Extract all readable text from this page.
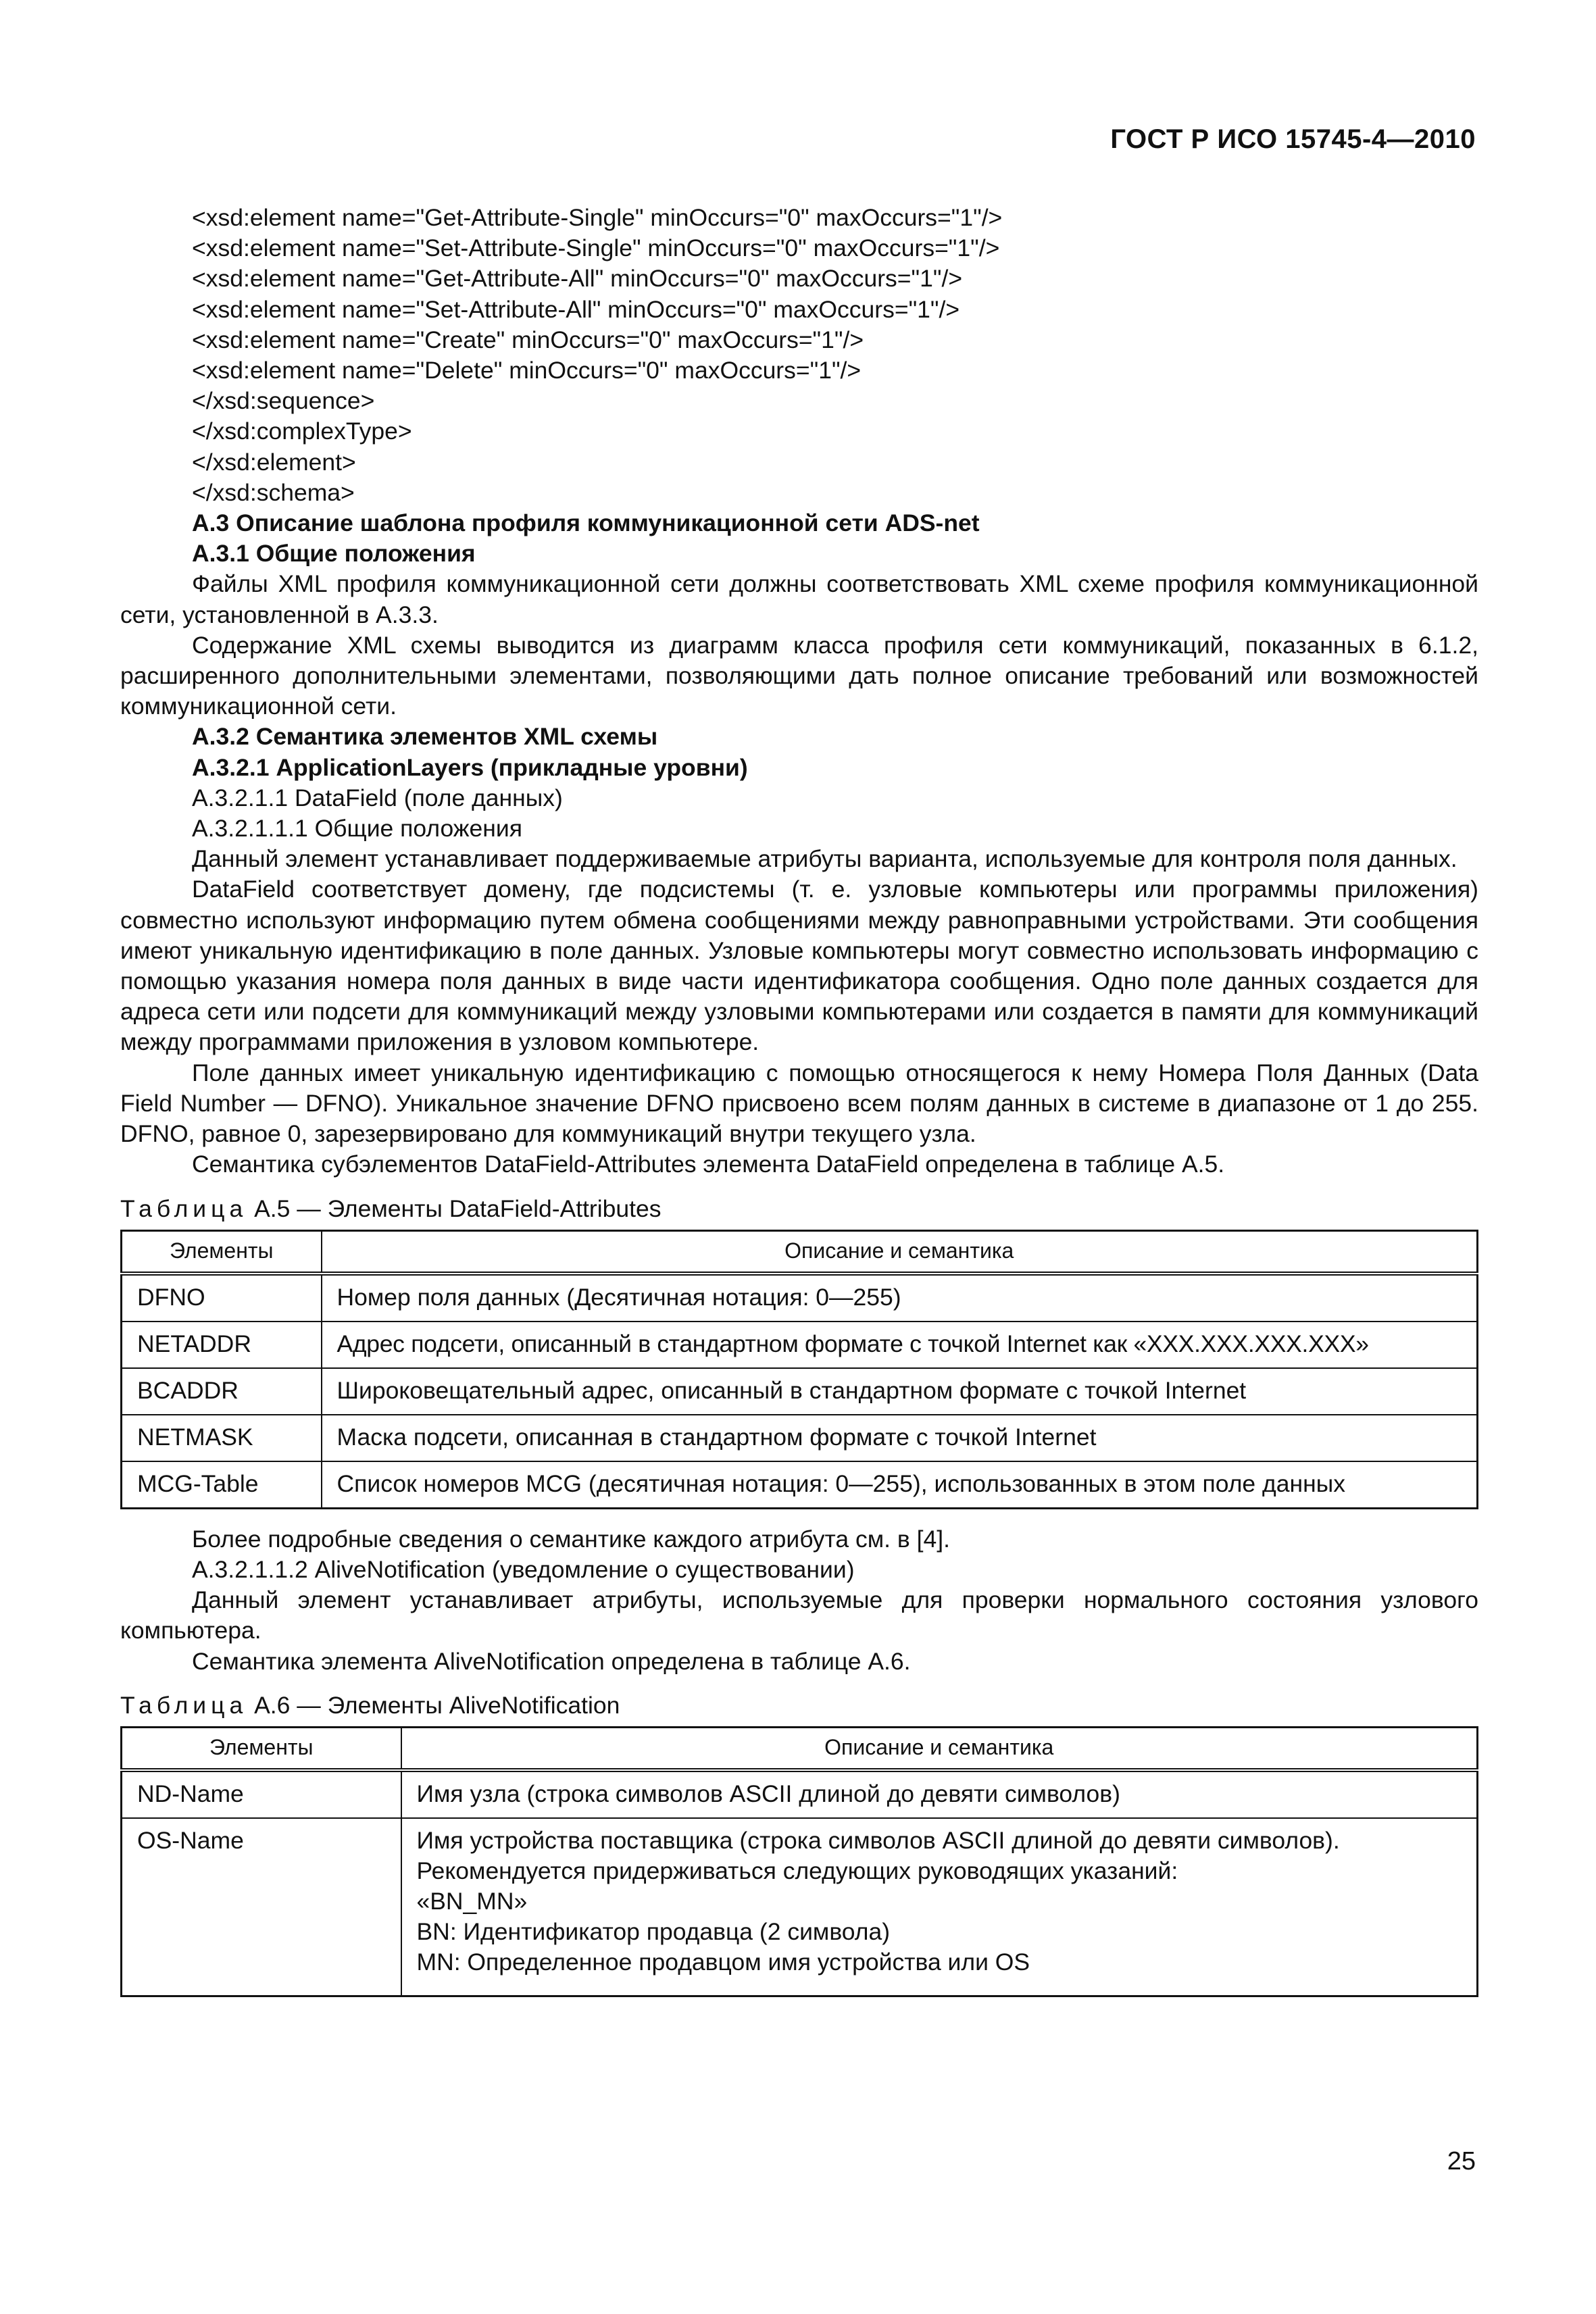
ГОСТ Р ИСО 15745-4—2010

<xsd:element name="Get-Attribute-Single" minOccurs="0" maxOccurs="1"/>

<xsd:element name="Set-Attribute-Single" minOccurs="0" maxOccurs="1"/>

<xsd:element name="Get-Attribute-All" minOccurs="0" maxOccurs="1"/>

<xsd:element name="Set-Attribute-All" minOccurs="0" maxOccurs="1"/>

<xsd:element name="Create" minOccurs="0" maxOccurs="1"/>

<xsd:element name="Delete" minOccurs="0" maxOccurs="1"/>

</xsd:sequence>

</xsd:complexType>

</xsd:element>

</xsd:schema>

А.3 Описание шаблона профиля коммуникационной сети ADS-net

А.3.1 Общие положения

Файлы XML профиля коммуникационной сети должны соответствовать XML схеме профиля коммуникационной сети, установленной в А.3.3.

Содержание XML схемы выводится из диаграмм класса профиля сети коммуникаций, показанных в 6.1.2, расширенного дополнительными элементами, позволяющими дать полное описание требований или возможностей коммуникационной сети.

А.3.2 Семантика элементов XML схемы

А.3.2.1 ApplicationLayers (прикладные уровни)

А.3.2.1.1 DataField (поле данных)

А.3.2.1.1.1 Общие положения

Данный элемент устанавливает поддерживаемые атрибуты варианта, используемые для контроля поля данных.

DataField соответствует домену, где подсистемы (т. е. узловые компьютеры или программы приложения) совместно используют информацию путем обмена сообщениями между равноправными устройствами. Эти сообщения имеют уникальную идентификацию в поле данных. Узловые компьютеры могут совместно использовать информацию с помощью указания номера поля данных в виде части идентификатора сообщения. Одно поле данных создается для адреса сети или подсети для коммуникаций между узловыми компьютерами или создается в памяти для коммуникаций между программами приложения в узловом компьютере.

Поле данных имеет уникальную идентификацию с помощью относящегося к нему Номера Поля Данных (Data Field Number — DFNO). Уникальное значение DFNO присвоено всем полям данных в системе в диапазоне от 1 до 255. DFNO, равное 0, зарезервировано для коммуникаций внутри текущего узла.

Семантика субэлементов DataField-Attributes элемента DataField определена в таблице А.5.

Таблица А.5 — Элементы DataField-Attributes

Элементы	Описание и семантика
DFNO	Номер поля данных (Десятичная нотация: 0—255)
NETADDR	Адрес подсети, описанный в стандартном формате с точкой Internet как «XXX.XXX.XXX.XXX»
BCADDR	Широковещательный адрес, описанный в стандартном формате с точкой Internet
NETMASK	Маска подсети, описанная в стандартном формате с точкой Internet
MCG-Table	Список номеров MCG (десятичная нотация: 0—255), использованных в этом поле данных

Более подробные сведения о семантике каждого атрибута см. в [4].

А.3.2.1.1.2 AliveNotification (уведомление о существовании)

Данный элемент устанавливает атрибуты, используемые для проверки нормального состояния узлового компьютера.

Семантика элемента AliveNotification определена в таблице А.6.

Таблица А.6 — Элементы AliveNotification

Элементы	Описание и семантика
ND-Name	Имя узла (строка символов ASCII длиной до девяти символов)
OS-Name	Имя устройства поставщика (строка символов ASCII длиной до девяти символов). Рекомендуется придерживаться следующих руководящих указаний:
«BN_MN»
BN: Идентификатор продавца (2 символа)
MN: Определенное продавцом имя устройства или OS
25
